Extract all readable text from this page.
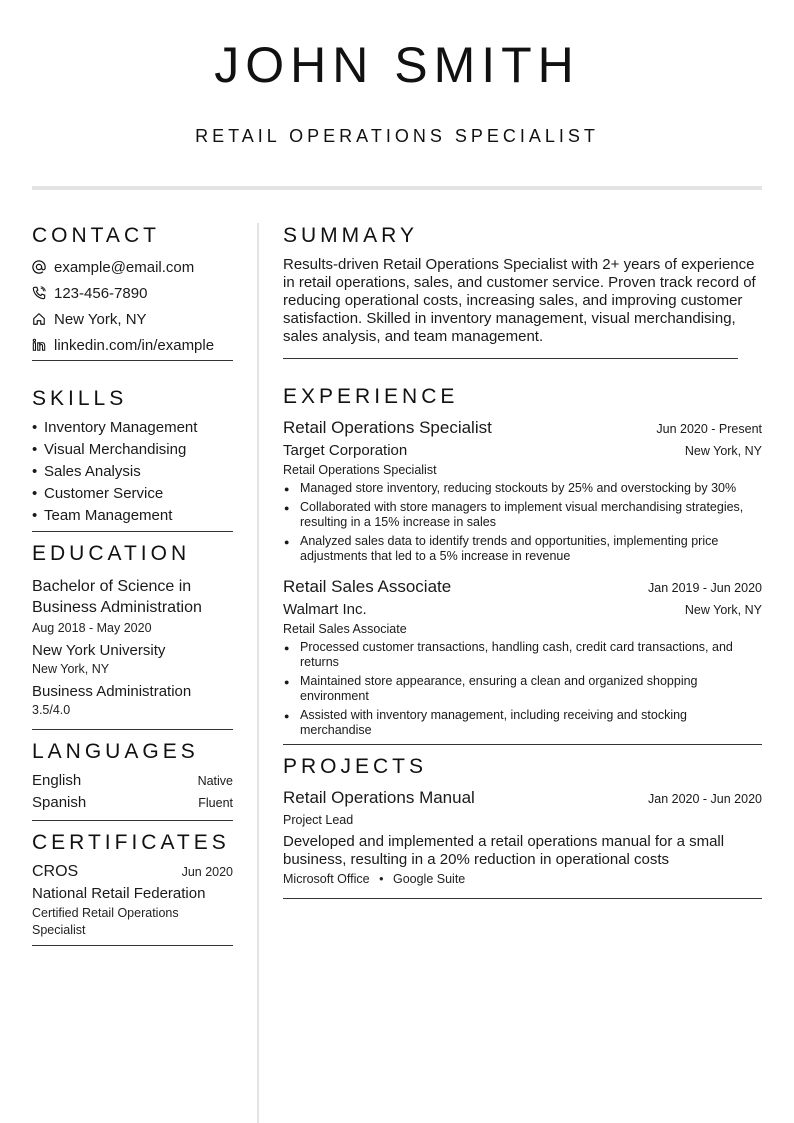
JOHN SMITH
RETAIL OPERATIONS SPECIALIST
CONTACT
example@email.com
123-456-7890
New York, NY
linkedin.com/in/example
SKILLS
• Inventory Management
• Visual Merchandising
• Sales Analysis
• Customer Service
• Team Management
EDUCATION
Bachelor of Science in Business Administration
Aug 2018 - May 2020
New York University
New York, NY
Business Administration
3.5/4.0
LANGUAGES
English	Native
Spanish	Fluent
CERTIFICATES
CROS	Jun 2020
National Retail Federation
Certified Retail Operations Specialist
SUMMARY
Results-driven Retail Operations Specialist with 2+ years of experience in retail operations, sales, and customer service. Proven track record of reducing operational costs, increasing sales, and improving customer satisfaction. Skilled in inventory management, visual merchandising, sales analysis, and team management.
EXPERIENCE
Retail Operations Specialist	Jun 2020 - Present
Target Corporation	New York, NY
Retail Operations Specialist
● Managed store inventory, reducing stockouts by 25% and overstocking by 30%
● Collaborated with store managers to implement visual merchandising strategies, resulting in a 15% increase in sales
● Analyzed sales data to identify trends and opportunities, implementing price adjustments that led to a 5% increase in revenue
Retail Sales Associate	Jan 2019 - Jun 2020
Walmart Inc.	New York, NY
Retail Sales Associate
● Processed customer transactions, handling cash, credit card transactions, and returns
● Maintained store appearance, ensuring a clean and organized shopping environment
● Assisted with inventory management, including receiving and stocking merchandise
PROJECTS
Retail Operations Manual	Jan 2020 - Jun 2020
Project Lead
Developed and implemented a retail operations manual for a small business, resulting in a 20% reduction in operational costs
Microsoft Office • Google Suite
